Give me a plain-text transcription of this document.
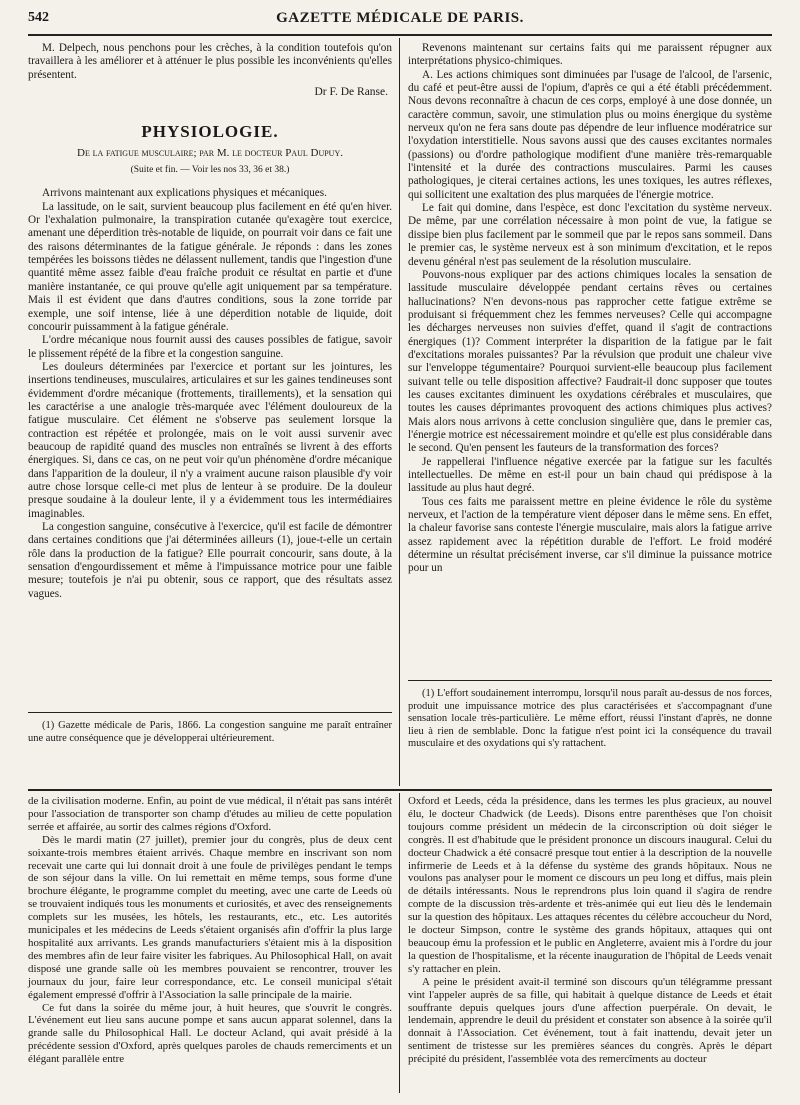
542	GAZETTE MÉDICALE DE PARIS.

M. Delpech, nous penchons pour les crèches, à la condition toutefois qu'on travaillera à les améliorer et à atténuer le plus possible les inconvénients qu'elles présentent.

Dr F. De Ranse.

PHYSIOLOGIE.

De la fatigue musculaire; par M. le docteur Paul Dupuy.

(Suite et fin. — Voir les nos 33, 36 et 38.)

Arrivons maintenant aux explications physiques et mécaniques.

La lassitude, on le sait, survient beaucoup plus facilement en été qu'en hiver. Or l'exhalation pulmonaire, la transpiration cutanée qu'exagère tout exercice, amenant une déperdition très-notable de liquide, on pourrait voir dans ce fait une des raisons déterminantes de la fatigue générale. Je réponds : dans les zones tempérées les boissons tièdes ne délassent nullement, tandis que l'ingestion d'une quantité même assez faible d'eau fraîche produit ce résultat en partie et d'une manière instantanée, ce qui prouve qu'elle agit uniquement par sa température. Mais il est évident que dans d'autres conditions, sous la zone torride par exemple, une soif intense, liée à une déperdition notable de liquide, doit concourir puissamment à la fatigue générale.

L'ordre mécanique nous fournit aussi des causes possibles de fatigue, savoir le plissement répété de la fibre et la congestion sanguine.

Les douleurs déterminées par l'exercice et portant sur les jointures, les insertions tendineuses, musculaires, articulaires et sur les gaines tendineuses sont évidemment d'ordre mécanique (frottements, tiraillements), et la sensation qui les caractérise a une analogie très-marquée avec l'élément douloureux de la fatigue musculaire. Cet élément ne s'observe pas seulement lorsque la contraction est répétée et prolongée, mais on le voit aussi survenir avec beaucoup de rapidité quand des muscles non entraînés se livrent à des efforts énergiques. Si, dans ce cas, on ne peut voir qu'un phénomène d'ordre mécanique dans l'apparition de la douleur, il n'y a vraiment aucune raison plausible d'y voir autre chose lorsque celle-ci met plus de lenteur à se produire. De la douleur presque soudaine à la douleur lente, il y a évidemment tous les intermédiaires imaginables.

La congestion sanguine, consécutive à l'exercice, qu'il est facile de démontrer dans certaines conditions que j'ai déterminées ailleurs (1), joue-t-elle un certain rôle dans la production de la fatigue? Elle pourrait concourir, sans doute, à la sensation d'engourdissement et même à l'impuissance motrice pour une faible mesure; toutefois je n'ai pu obtenir, sous ce rapport, que des résultats assez vagues.

(1) Gazette médicale de Paris, 1866. La congestion sanguine me paraît entraîner une autre conséquence que je développerai ultérieurement.

Revenons maintenant sur certains faits qui me paraissent répugner aux interprétations physico-chimiques.

A. Les actions chimiques sont diminuées par l'usage de l'alcool, de l'arsenic, du café et peut-être aussi de l'opium, d'après ce qui a été établi précédemment. Nous devons reconnaître à chacun de ces corps, employé à une dose donnée, un caractère commun, savoir, une stimulation plus ou moins énergique du système nerveux qu'on ne fera sans doute pas dépendre de leur influence modératrice sur l'oxydation interstitielle. Nous savons aussi que des causes excitantes normales (passions) ou d'ordre pathologique modifient d'une manière très-remarquable l'intensité et la durée des contractions musculaires. Parmi les causes pathologiques, je citerai certaines actions, les unes toxiques, les autres réflexes, qui sollicitent une exaltation des plus marquées de l'énergie motrice.

Le fait qui domine, dans l'espèce, est donc l'excitation du système nerveux. De même, par une corrélation nécessaire à mon point de vue, la fatigue se dissipe bien plus facilement par le sommeil que par le repos sans sommeil. Dans le premier cas, le système nerveux est à son minimum d'excitation, et le repos devenu général n'est pas seulement de la résolution musculaire.

Pouvons-nous expliquer par des actions chimiques locales la sensation de lassitude musculaire développée pendant certains rêves ou certaines hallucinations? N'en devons-nous pas rapprocher cette fatigue extrême se produisant si fréquemment chez les femmes nerveuses? Celle qui accompagne les décharges nerveuses non suivies d'effet, quand il s'agit de contractions énergiques (1)? Comment interpréter la disparition de la fatigue par le fait d'excitations morales puissantes? Par la révulsion que produit une chaleur vive sur l'enveloppe tégumentaire? Pourquoi survient-elle beaucoup plus facilement suivant telle ou telle disposition affective? Faudrait-il donc supposer que toutes les causes excitantes diminuent les oxydations cérébrales et musculaires, que toutes les causes déprimantes provoquent des actions chimiques plus actives? Mais alors nous arrivons à cette conclusion singulière que, dans le premier cas, l'énergie motrice est nécessairement moindre et qu'elle est plus considérable dans le second. Qu'en pensent les fauteurs de la transformation des forces?

Je rappellerai l'influence négative exercée par la fatigue sur les facultés intellectuelles. De même en est-il pour un bain chaud qui prédispose à la lassitude au plus haut degré.

Tous ces faits me paraissent mettre en pleine évidence le rôle du système nerveux, et l'action de la température vient déposer dans le même sens. En effet, la chaleur favorise sans conteste l'énergie musculaire, mais alors la fatigue arrive assez rapidement avec la répétition durable de l'effort. Le froid modéré détermine un résultat précisément inverse, car s'il diminue la puissance motrice pour un

(1) L'effort soudainement interrompu, lorsqu'il nous paraît au-dessus de nos forces, produit une impuissance motrice des plus caractérisées et s'accompagnant d'une sensation locale très-particulière. Le même effort, réussi l'instant d'après, ne donne lieu à rien de semblable. Donc la fatigue n'est point ici la conséquence du travail musculaire et des oxydations qui s'y rattachent.

de la civilisation moderne. Enfin, au point de vue médical, il n'était pas sans intérêt pour l'association de transporter son champ d'études au milieu de cette population serrée et affairée, au sortir des calmes régions d'Oxford.

Dès le mardi matin (27 juillet), premier jour du congrès, plus de deux cent soixante-trois membres étaient arrivés. Chaque membre en inscrivant son nom recevait une carte qui lui donnait droit à une foule de privilèges pendant le temps de son séjour dans la ville. On lui remettait en même temps, sous forme d'une brochure élégante, le programme complet du meeting, avec une carte de Leeds où se trouvaient indiqués tous les monuments et curiosités, et avec des renseignements complets sur les musées, les hôtels, les restaurants, etc., etc. Les autorités municipales et les médecins de Leeds s'étaient organisés afin d'offrir la plus large hospitalité aux arrivants. Les grands manufacturiers s'étaient mis à la disposition des membres afin de leur faire visiter les fabriques. Au Philosophical Hall, on avait disposé une grande salle où les membres pouvaient se rencontrer, trouver les journaux du jour, faire leur correspondance, etc. Le conseil municipal s'était également empressé d'offrir à l'Association la salle principale de la mairie.

Ce fut dans la soirée du même jour, à huit heures, que s'ouvrit le congrès. L'événement eut lieu sans aucune pompe et sans aucun apparat solennel, dans la grande salle du Philosophical Hall. Le docteur Acland, qui avait présidé à la précédente session d'Oxford, après quelques paroles de chauds remerciments et un élégant parallèle entre

Oxford et Leeds, céda la présidence, dans les termes les plus gracieux, au nouvel élu, le docteur Chadwick (de Leeds). Disons entre parenthèses que l'on choisit toujours comme président un médecin de la circonscription où doit siéger le congrès. Il est d'habitude que le président prononce un discours inaugural. Celui du docteur Chadwick a été consacré presque tout entier à la description de la nouvelle infirmerie de Leeds et à la défense du système des grands hôpitaux. Nous ne voulons pas analyser pour le moment ce discours un peu long et diffus, mais plein de détails intéressants. Nous le reprendrons plus loin quand il s'agira de rendre compte de la discussion très-ardente et très-animée qui eut lieu dès le lendemain sur la question des hôpitaux. Les attaques récentes du célèbre accoucheur du Nord, le docteur Simpson, contre le système des grands hôpitaux, attaques qui ont beaucoup ému la profession et le public en Angleterre, avaient mis à l'ordre du jour la question de l'hospitalisme, et la récente inauguration de l'hôpital de Leeds venait s'y rattacher en plein.

A peine le président avait-il terminé son discours qu'un télégramme pressant vint l'appeler auprès de sa fille, qui habitait à quelque distance de Leeds et était souffrante depuis quelques jours d'une affection puerpérale. On devait, le lendemain, apprendre le deuil du président et constater son absence à la soirée qu'il donnait à l'Association. Cet événement, tout à fait inattendu, devait jeter un sentiment de tristesse sur les premières séances du congrès. Après le départ précipité du président, l'assemblée vota des remercîments au docteur
